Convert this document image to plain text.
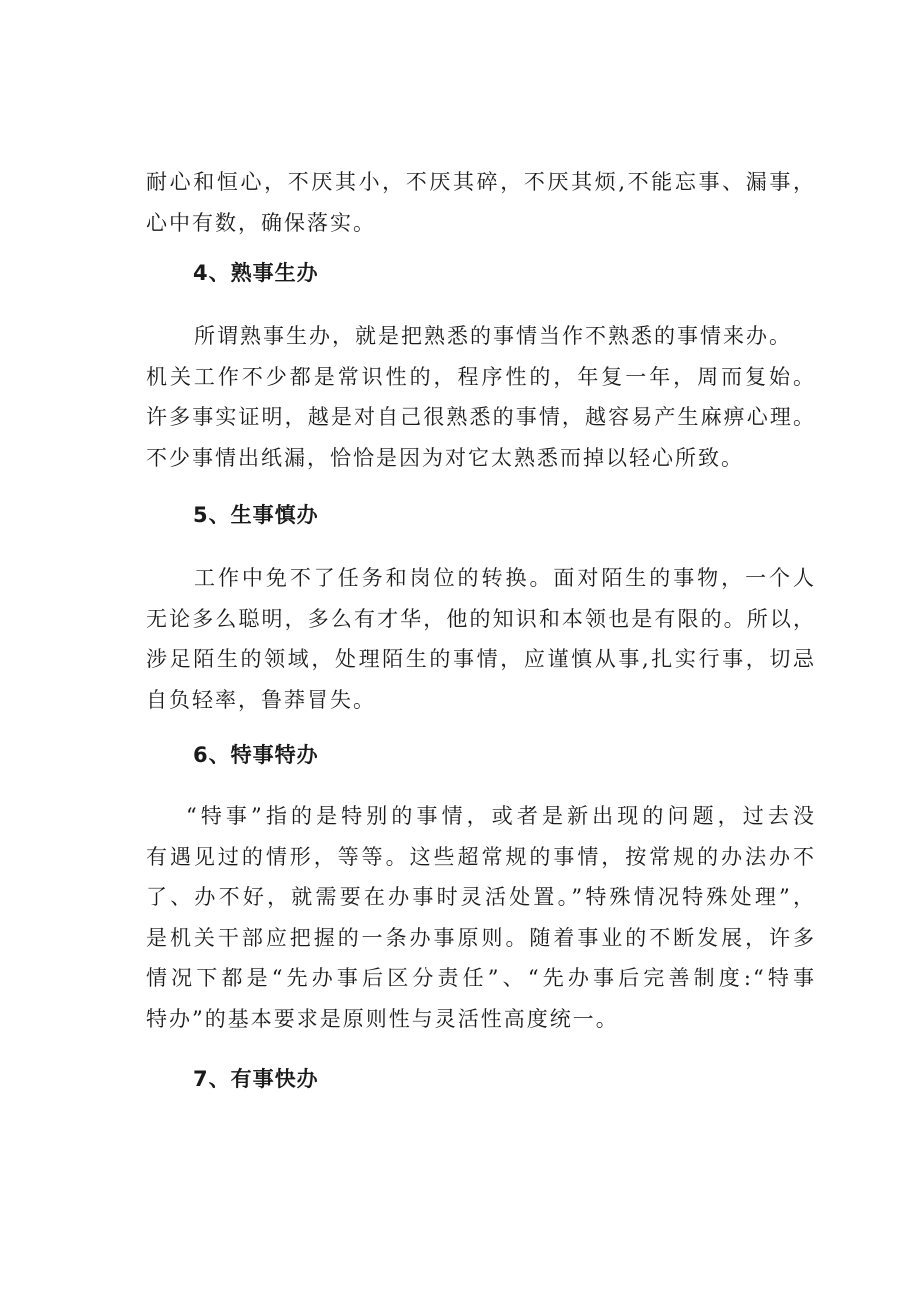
耐心和恒心，不厌其小，不厌其碎，不厌其烦,不能忘事、漏事，
心中有数，确保落实。
4、熟事生办
所谓熟事生办，就是把熟悉的事情当作不熟悉的事情来办。
机关工作不少都是常识性的，程序性的，年复一年，周而复始。
许多事实证明，越是对自己很熟悉的事情，越容易产生麻痹心理。
不少事情出纸漏，恰恰是因为对它太熟悉而掉以轻心所致。
5、生事慎办
工作中免不了任务和岗位的转换。面对陌生的事物，一个人
无论多么聪明，多么有才华，他的知识和本领也是有限的。所以，
涉足陌生的领域，处理陌生的事情，应谨慎从事,扎实行事，切忌
自负轻率，鲁莽冒失。
6、特事特办
“特事”指的是特别的事情，或者是新出现的问题，过去没
有遇见过的情形，等等。这些超常规的事情，按常规的办法办不
了、办不好，就需要在办事时灵活处置。”特殊情况特殊处理”，
是机关干部应把握的一条办事原则。随着事业的不断发展，许多
情况下都是“先办事后区分责任”、“先办事后完善制度:“特事
特办”的基本要求是原则性与灵活性高度统一。
7、有事快办
